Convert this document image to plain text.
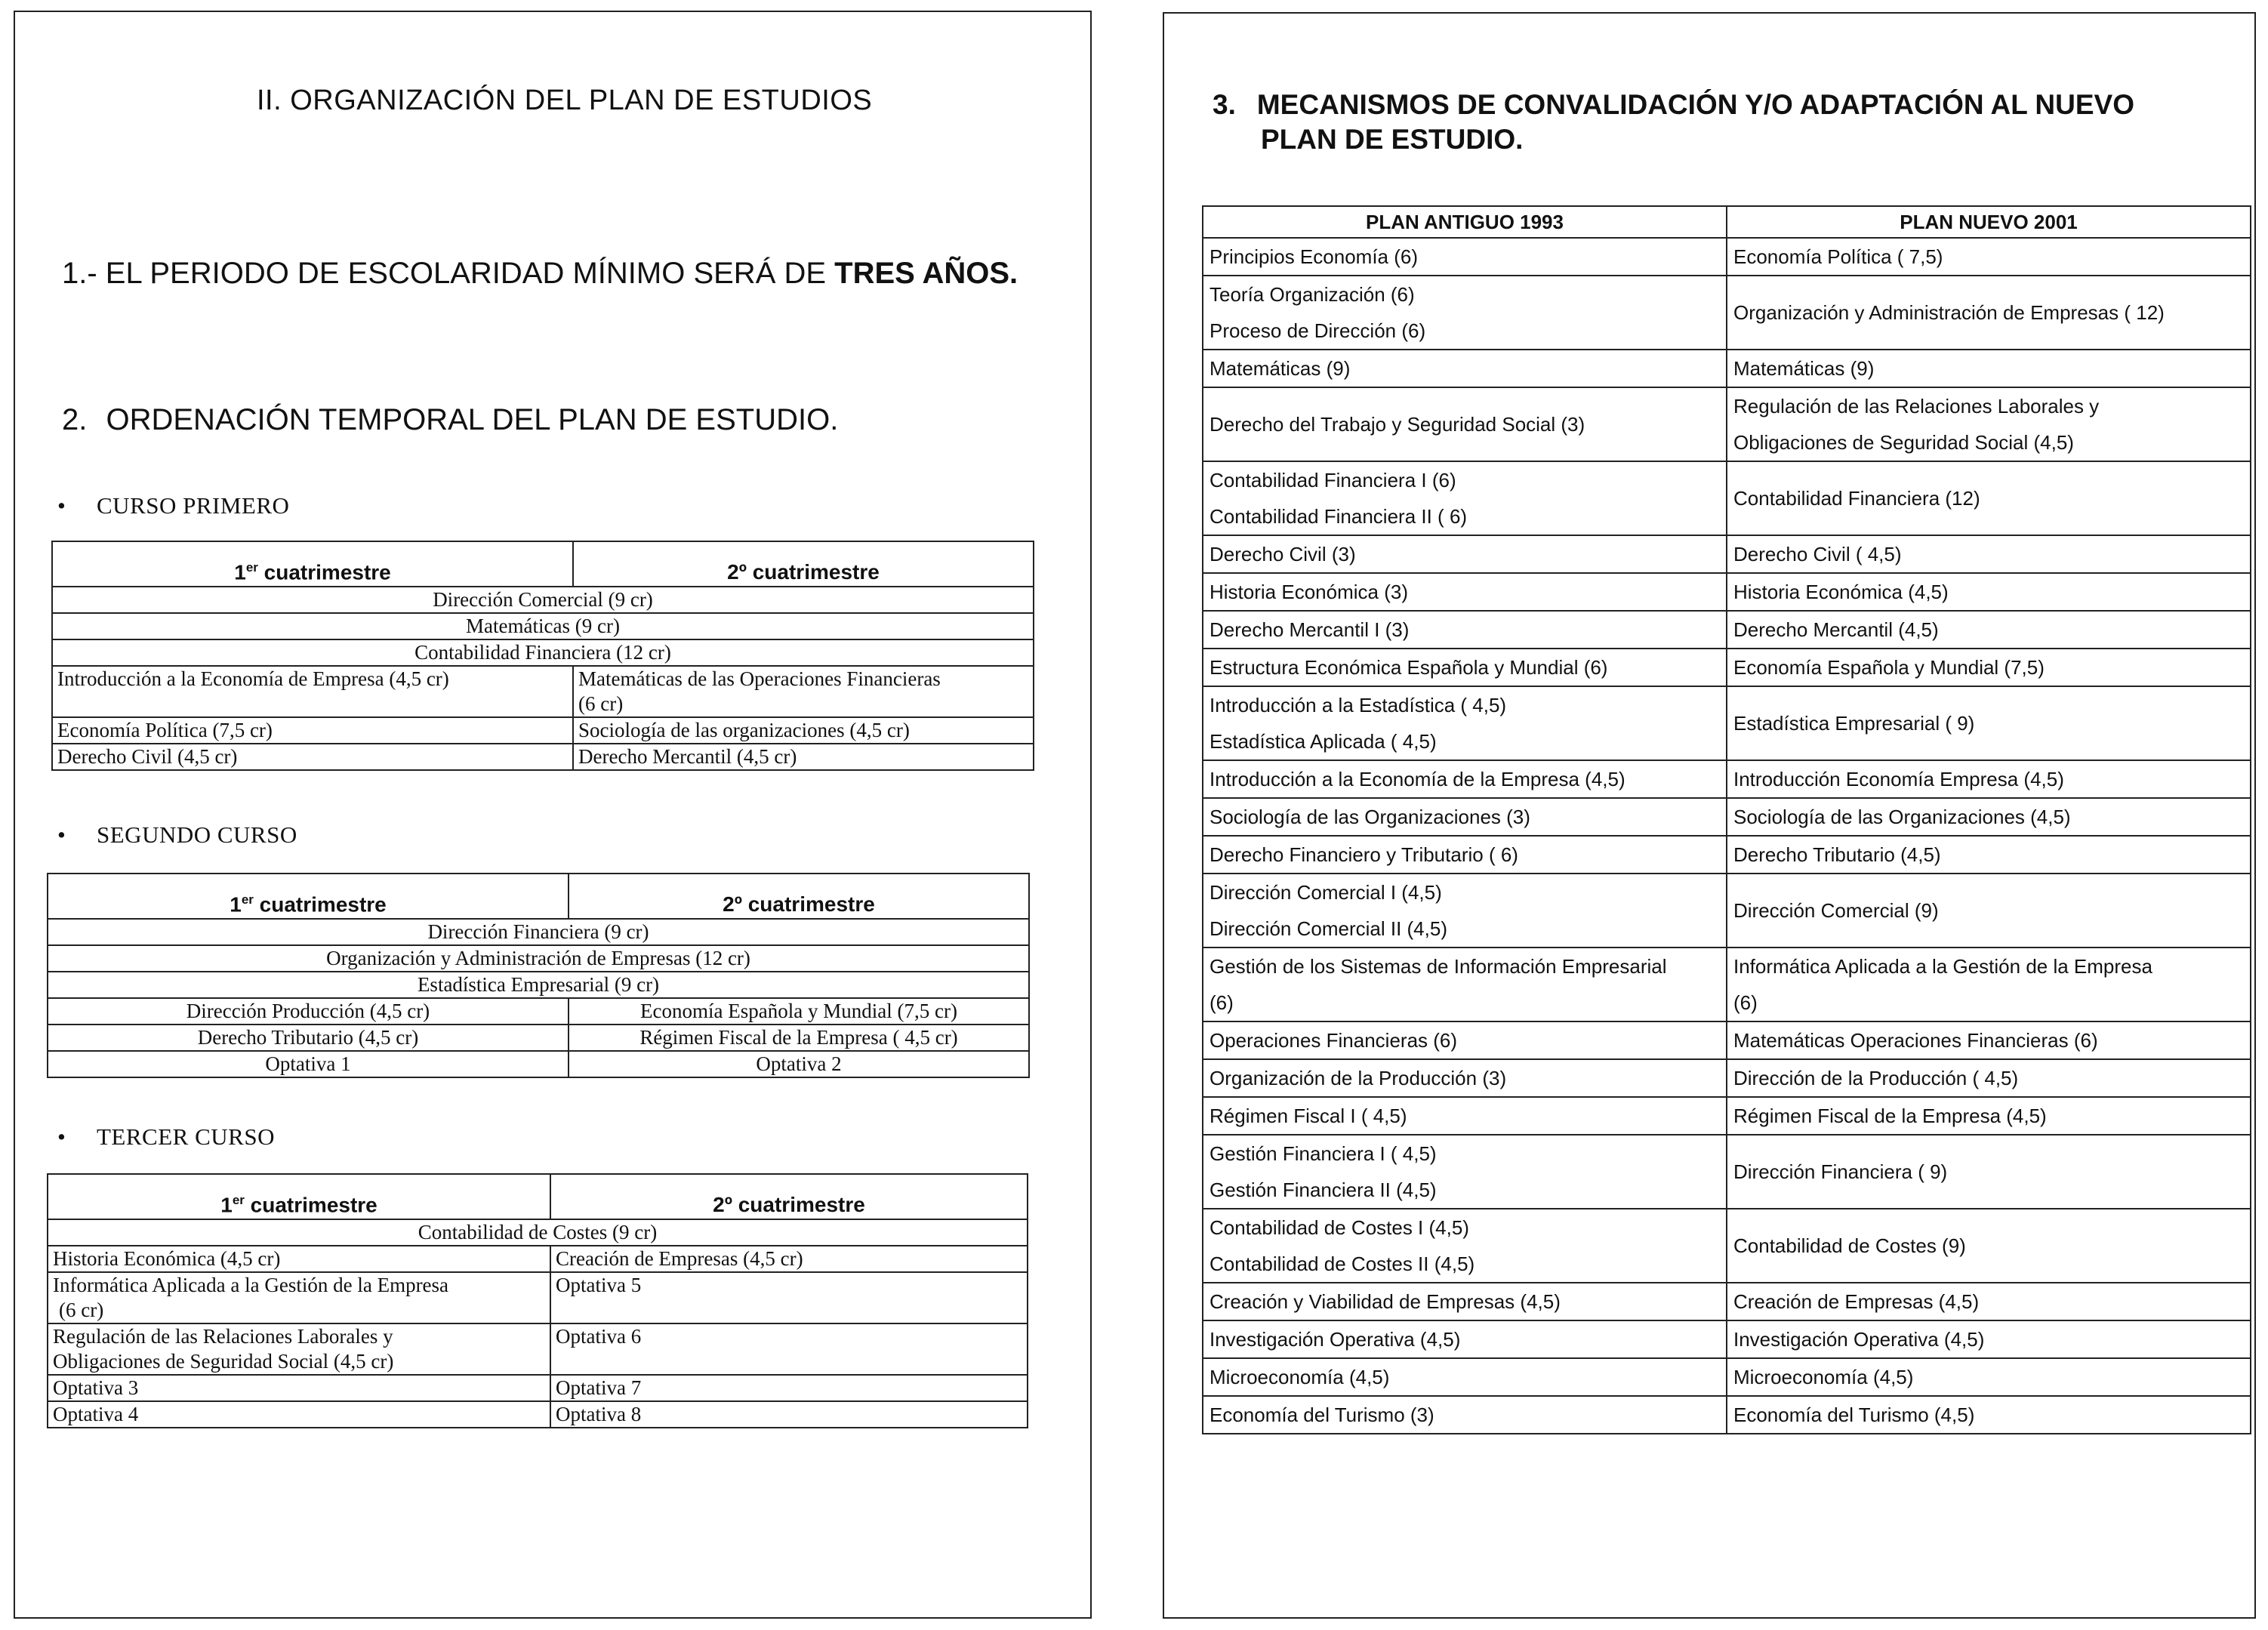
II. ORGANIZACIÓN DEL PLAN DE ESTUDIOS
1.- EL PERIODO DE ESCOLARIDAD MÍNIMO SERÁ DE TRES AÑOS.
2. ORDENACIÓN TEMPORAL DEL PLAN DE ESTUDIO.
• CURSO PRIMERO
1er cuatrimestre	2º cuatrimestre
Dirección Comercial (9 cr)	
Matemáticas (9 cr)	
Contabilidad Financiera (12 cr)	
Introducción a la Economía de Empresa (4,5 cr)	Matemáticas de las Operaciones Financieras
(6 cr)

Economía Política (7,5 cr)	Sociología de las organizaciones (4,5 cr)
Derecho Civil (4,5 cr)	Derecho Mercantil (4,5 cr)
• SEGUNDO CURSO
1er cuatrimestre	2º cuatrimestre
Dirección Financiera (9 cr)	
Organización y Administración de Empresas (12 cr)	
Estadística Empresarial (9 cr)	
Dirección Producción (4,5 cr)	Economía Española y Mundial (7,5 cr)
Derecho Tributario (4,5 cr)	Régimen Fiscal de la Empresa ( 4,5 cr)
Optativa 1	Optativa 2
• TERCER CURSO
1er cuatrimestre	2º cuatrimestre
Contabilidad de Costes (9 cr)	
Historia Económica (4,5 cr)	Creación de Empresas (4,5 cr)

Informática Aplicada a la Gestión de la Empresa
(6 cr)	Optativa 5

Regulación de las Relaciones Laborales y
Obligaciones de Seguridad Social (4,5 cr)	Optativa 6
Optativa 3	Optativa 7
Optativa 4	Optativa 8
3. MECANISMOS DE CONVALIDACIÓN Y/O ADAPTACIÓN AL NUEVO
PLAN DE ESTUDIO.
PLAN ANTIGUO 1993	PLAN NUEVO 2001

Principios Economía (6)	Economía Política ( 7,5)

Teoría Organización (6)
Proceso de Dirección (6)	Organización y Administración de Empresas ( 12)

Matemáticas (9)	Matemáticas (9)

Derecho del Trabajo y Seguridad Social (3)	Regulación de las Relaciones Laborales y
Obligaciones de Seguridad Social (4,5)

Contabilidad Financiera I (6)
Contabilidad Financiera II ( 6)	Contabilidad Financiera (12)

Derecho Civil (3)	Derecho Civil ( 4,5)

Historia Económica (3)	Historia Económica (4,5)

Derecho Mercantil I (3)	Derecho Mercantil (4,5)

Estructura Económica Española y Mundial (6)	Economía Española y Mundial (7,5)

Introducción a la Estadística ( 4,5)
Estadística Aplicada ( 4,5)	Estadística Empresarial ( 9)

Introducción a la Economía de la Empresa (4,5)	Introducción Economía Empresa (4,5)

Sociología de las Organizaciones (3)	Sociología de las Organizaciones (4,5)

Derecho Financiero y Tributario ( 6)	Derecho Tributario (4,5)

Dirección Comercial I (4,5)
Dirección Comercial II (4,5)	Dirección Comercial (9)

Gestión de los Sistemas de Información Empresarial
(6)	Informática Aplicada a la Gestión de la Empresa
(6)

Operaciones Financieras (6)	Matemáticas Operaciones Financieras (6)

Organización de la Producción (3)	Dirección de la Producción ( 4,5)

Régimen Fiscal I ( 4,5)	Régimen Fiscal de la Empresa (4,5)

Gestión Financiera I ( 4,5)
Gestión Financiera II (4,5)	Dirección Financiera ( 9)

Contabilidad de Costes I (4,5)
Contabilidad de Costes II (4,5)	Contabilidad de Costes (9)

Creación y Viabilidad de Empresas (4,5)	Creación de Empresas (4,5)

Investigación Operativa (4,5)	Investigación Operativa (4,5)

Microeconomía (4,5)	Microeconomía (4,5)

Economía del Turismo (3)	Economía del Turismo (4,5)
